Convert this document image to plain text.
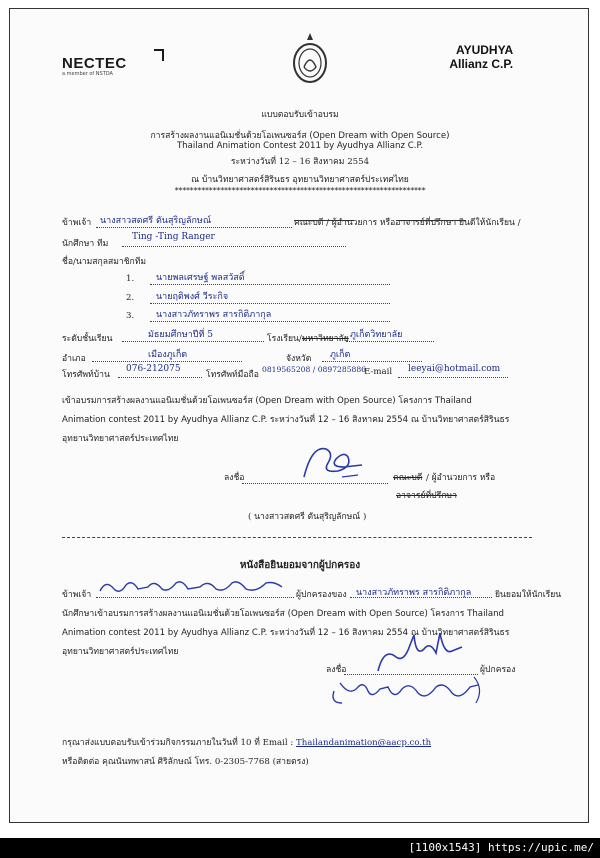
NECTEC
a member of NSTDA
AYUDHYA
Allianz C.P.
แบบตอบรับเข้าอบรม
การสร้างผลงานแอนิเมชั่นด้วยโอเพนซอร์ส (Open Dream with Open Source)
Thailand Animation Contest 2011 by Ayudhya Allianz C.P.
ระหว่างวันที่ 12 – 16 สิงหาคม 2554
ณ บ้านวิทยาศาสตร์สิรินธร อุทยานวิทยาศาสตร์ประเทศไทย
******************************************************************
ข้าพเจ้า นางสาวสดศรี ตันสุริญลักษณ์	คณะบดี / ผู้อำนวยการ หรืออาจารย์ที่ปรึกษา ยินดีให้นักเรียน /
นักศึกษา ทีม
Ting -Ting Ranger
ชื่อ/นามสกุลสมาชิกทีม
1. นายพลเศรษฐ์ พลสวัสดิ์
2. นายฤติพงศ์ วีระกิจ
3. นางสาวภัทราพร สารกิติภากุล
ระดับชั้นเรียน	มัธยมศึกษาปีที่ 5	โรงเรียน/ มหาวิทยาลัย ภูเก็ตวิทยาลัย
อำเภอ	เมืองภูเก็ต	จังหวัด ภูเก็ต
โทรศัพท์บ้าน
076-212075
โทรศัพท์มือถือ
0819565208 / 0897285886
E-mail leeyai@hotmail.com
เข้าอบรมการสร้างผลงานแอนิเมชั่นด้วยโอเพนซอร์ส (Open Dream with Open Source) โครงการ Thailand
Animation contest 2011 by Ayudhya Allianz C.P. ระหว่างวันที่ 12 – 16 สิงหาคม 2554 ณ บ้านวิทยาศาสตร์สิรินธร
อุทยานวิทยาศาสตร์ประเทศไทย
ลงชื่อ	คณะบดี / ผู้อำนวยการ หรือ
อาจารย์ที่ปรึกษา
( นางสาวสดศรี ตันสุริญลักษณ์ )
หนังสือยินยอมจากผู้ปกครอง
ข้าพเจ้า	ผู้ปกครองของ นางสาวภัทราพร สารกิติภากุล	ยินยอมให้นักเรียน
นักศึกษาเข้าอบรมการสร้างผลงานแอนิเมชั่นด้วยโอเพนซอร์ส (Open Dream with Open Source) โครงการ Thailand
Animation contest 2011 by Ayudhya Allianz C.P. ระหว่างวันที่ 12 – 16 สิงหาคม 2554 ณ บ้านวิทยาศาสตร์สิรินธร
อุทยานวิทยาศาสตร์ประเทศไทย
ลงชื่อ	ผู้ปกครอง
กรุณาส่งแบบตอบรับเข้าร่วมกิจกรรมภายในวันที่ 10 ที่ Email : Thailandanimation@aacp.co.th
หรือติดต่อ คุณนันทพาสน์ ศิริลักษณ์ โทร. 0-2305-7768 (สายตรง)
[1100x1543] https://upic.me/
